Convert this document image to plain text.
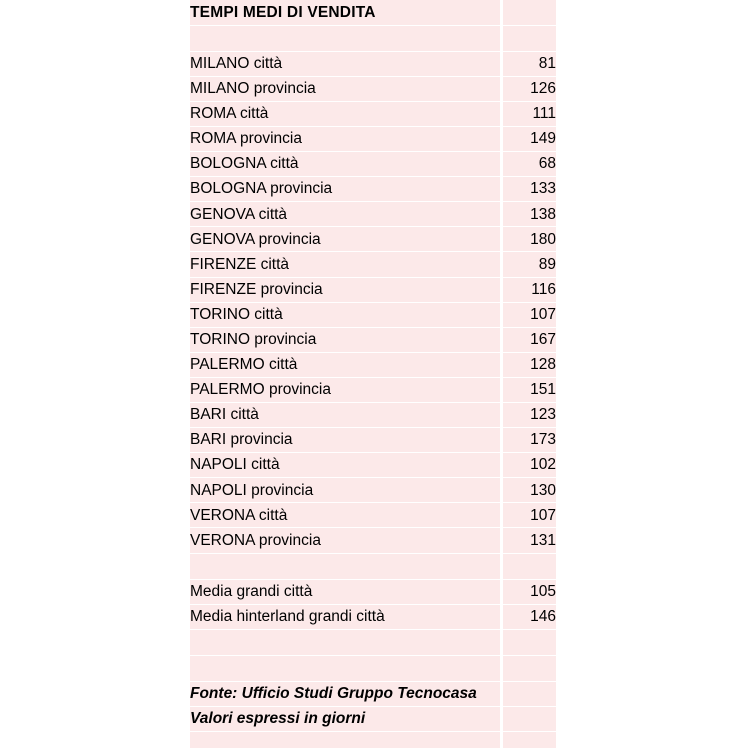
TEMPI MEDI DI VENDITA	

MILANO città	81
MILANO provincia	126
ROMA città	111
ROMA provincia	149
BOLOGNA città	68
BOLOGNA provincia	133
GENOVA città	138
GENOVA provincia	180
FIRENZE città	89
FIRENZE provincia	116
TORINO città	107
TORINO provincia	167
PALERMO città	128
PALERMO provincia	151
BARI città	123
BARI provincia	173
NAPOLI città	102
NAPOLI provincia	130
VERONA città	107
VERONA provincia	131

Media grandi città	105
Media hinterland grandi città	146

Fonte: Ufficio Studi Gruppo Tecnocasa	
Valori espressi in giorni	
